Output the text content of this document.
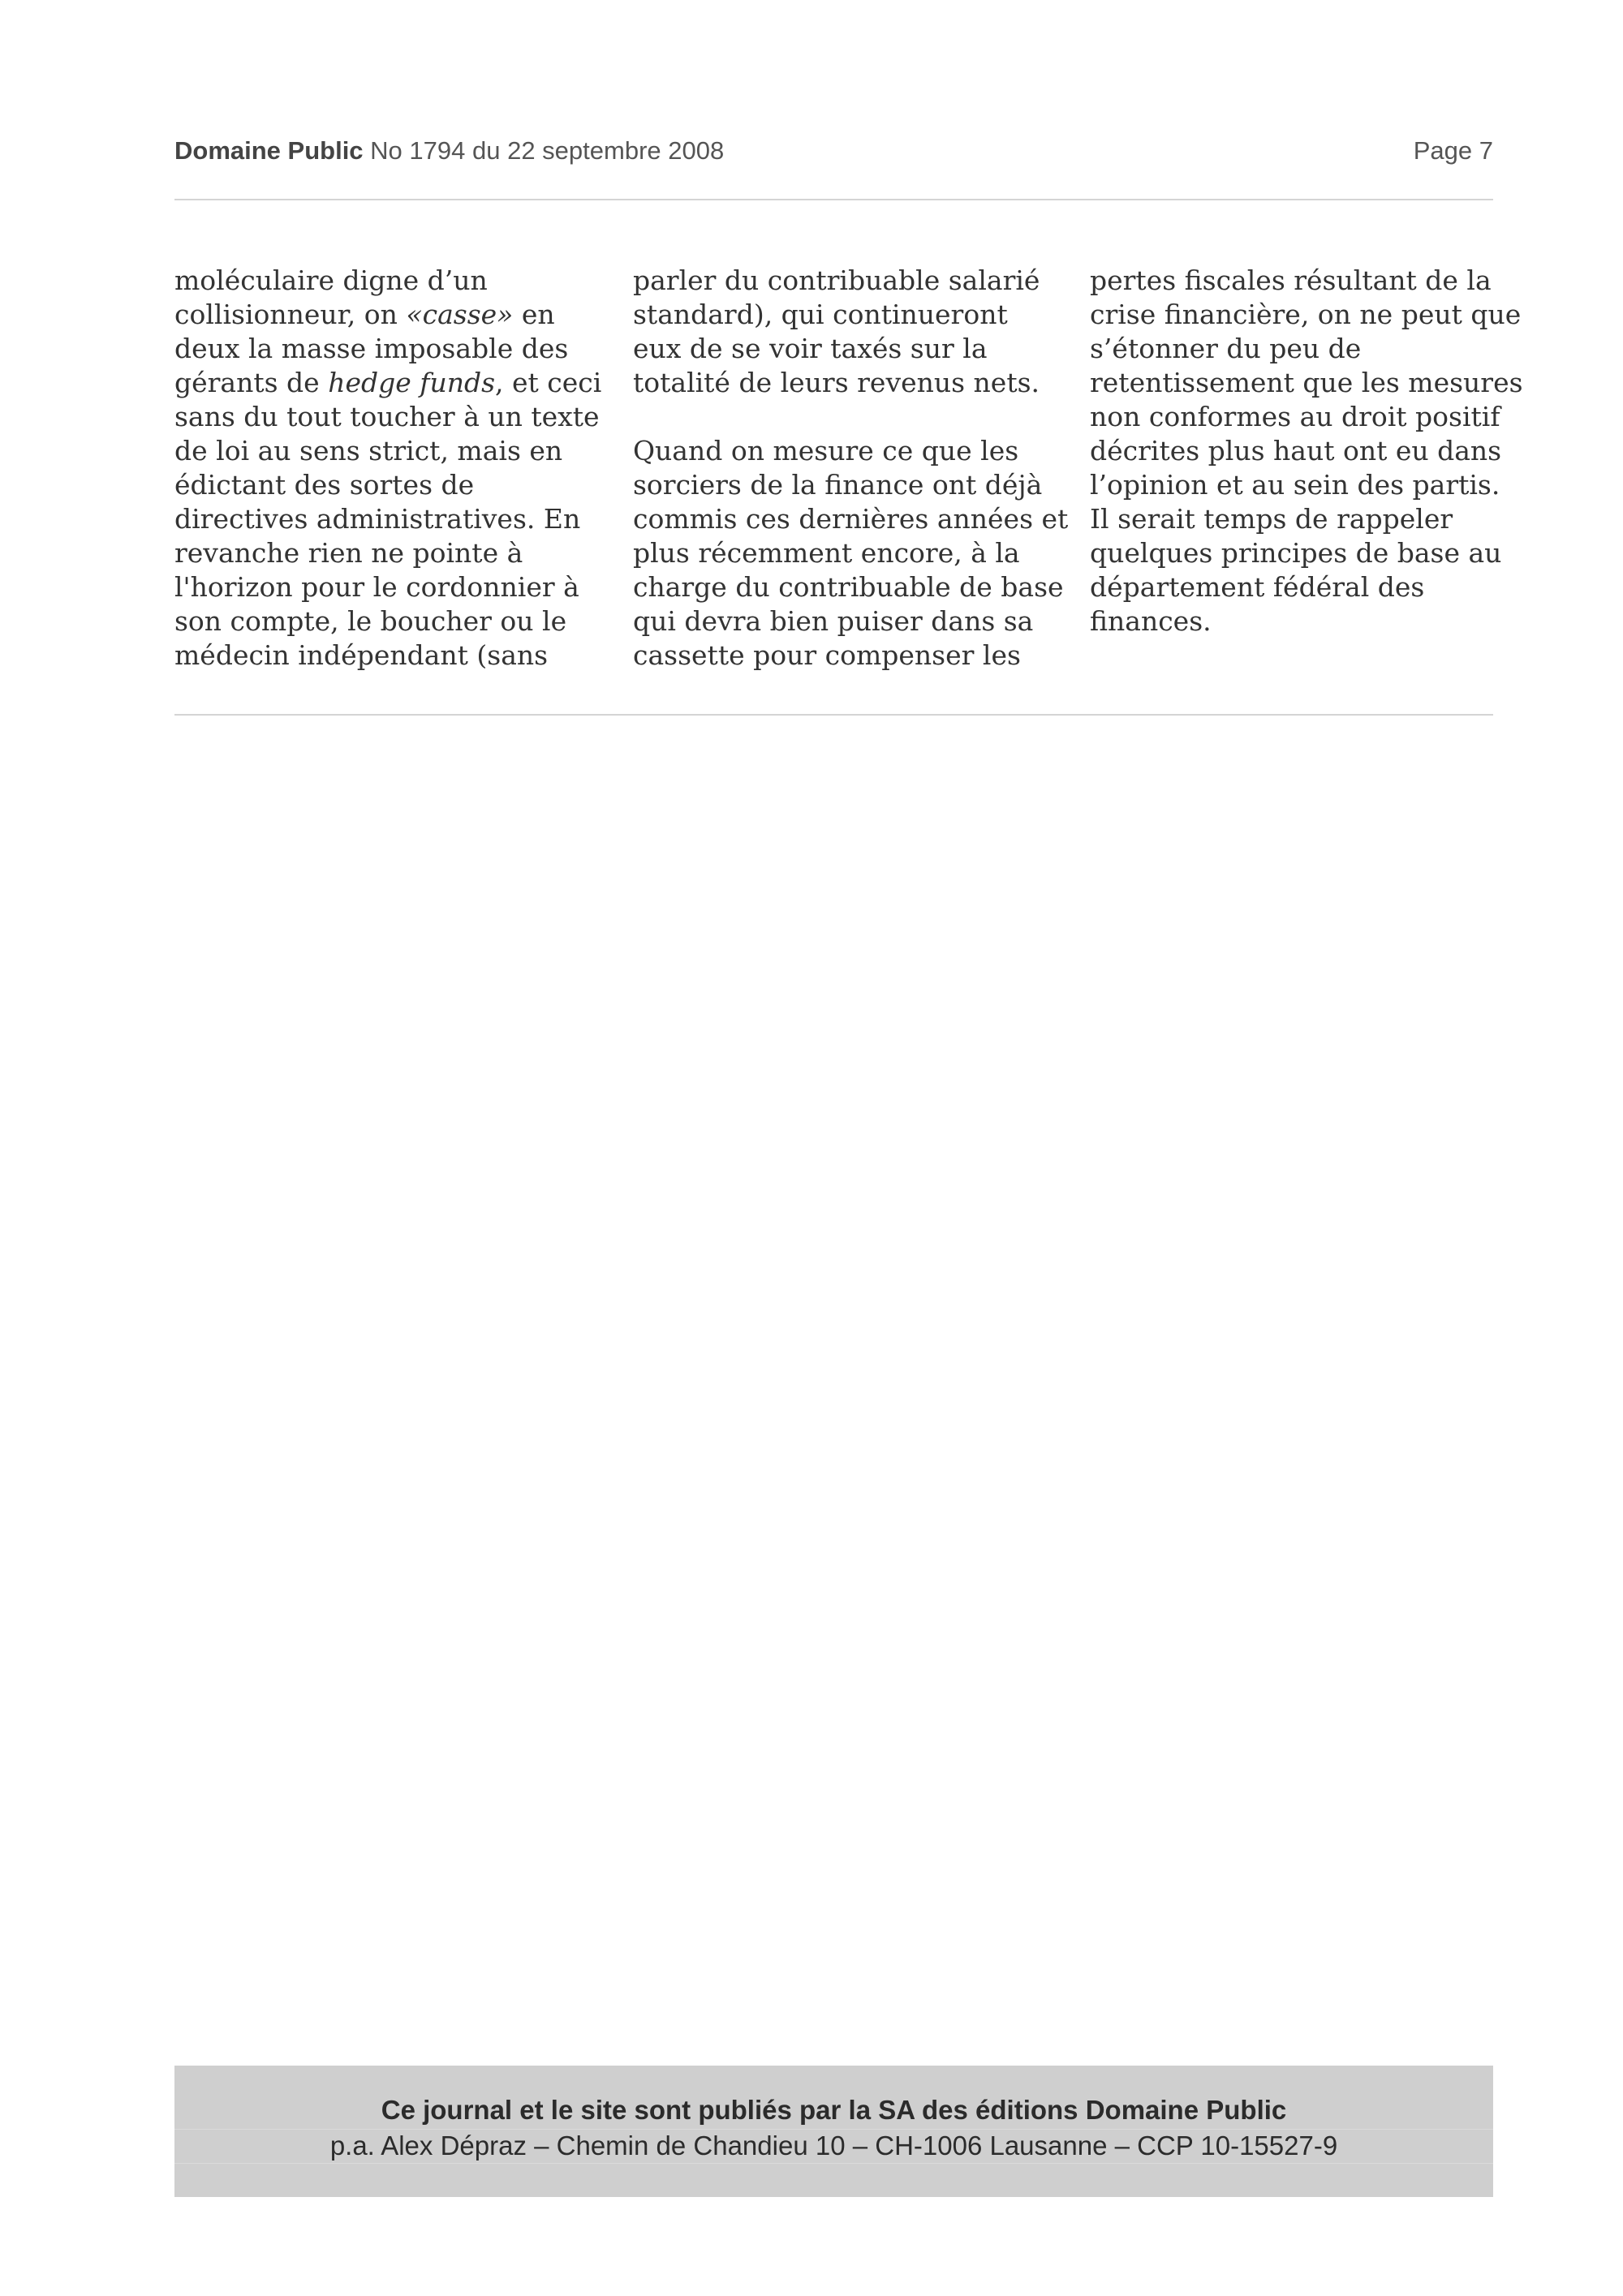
Domaine Public No 1794 du 22 septembre 2008	Page 7
moléculaire digne d’un
collisionneur, on «casse» en
deux la masse imposable des
gérants de hedge funds, et ceci
sans du tout toucher à un texte
de loi au sens strict, mais en
édictant des sortes de
directives administratives. En
revanche rien ne pointe à
l'horizon pour le cordonnier à
son compte, le boucher ou le
médecin indépendant (sans
parler du contribuable salarié
standard), qui continueront
eux de se voir taxés sur la
totalité de leurs revenus nets.
Quand on mesure ce que les
sorciers de la finance ont déjà
commis ces dernières années et
plus récemment encore, à la
charge du contribuable de base
qui devra bien puiser dans sa
cassette pour compenser les
pertes fiscales résultant de la
crise financière, on ne peut que
s’étonner du peu de
retentissement que les mesures
non conformes au droit positif
décrites plus haut ont eu dans
l’opinion et au sein des partis.
Il serait temps de rappeler
quelques principes de base au
département fédéral des
finances.
Ce journal et le site sont publiés par la SA des éditions Domaine Public
p.a. Alex Dépraz – Chemin de Chandieu 10 – CH-1006 Lausanne – CCP 10-15527-9
